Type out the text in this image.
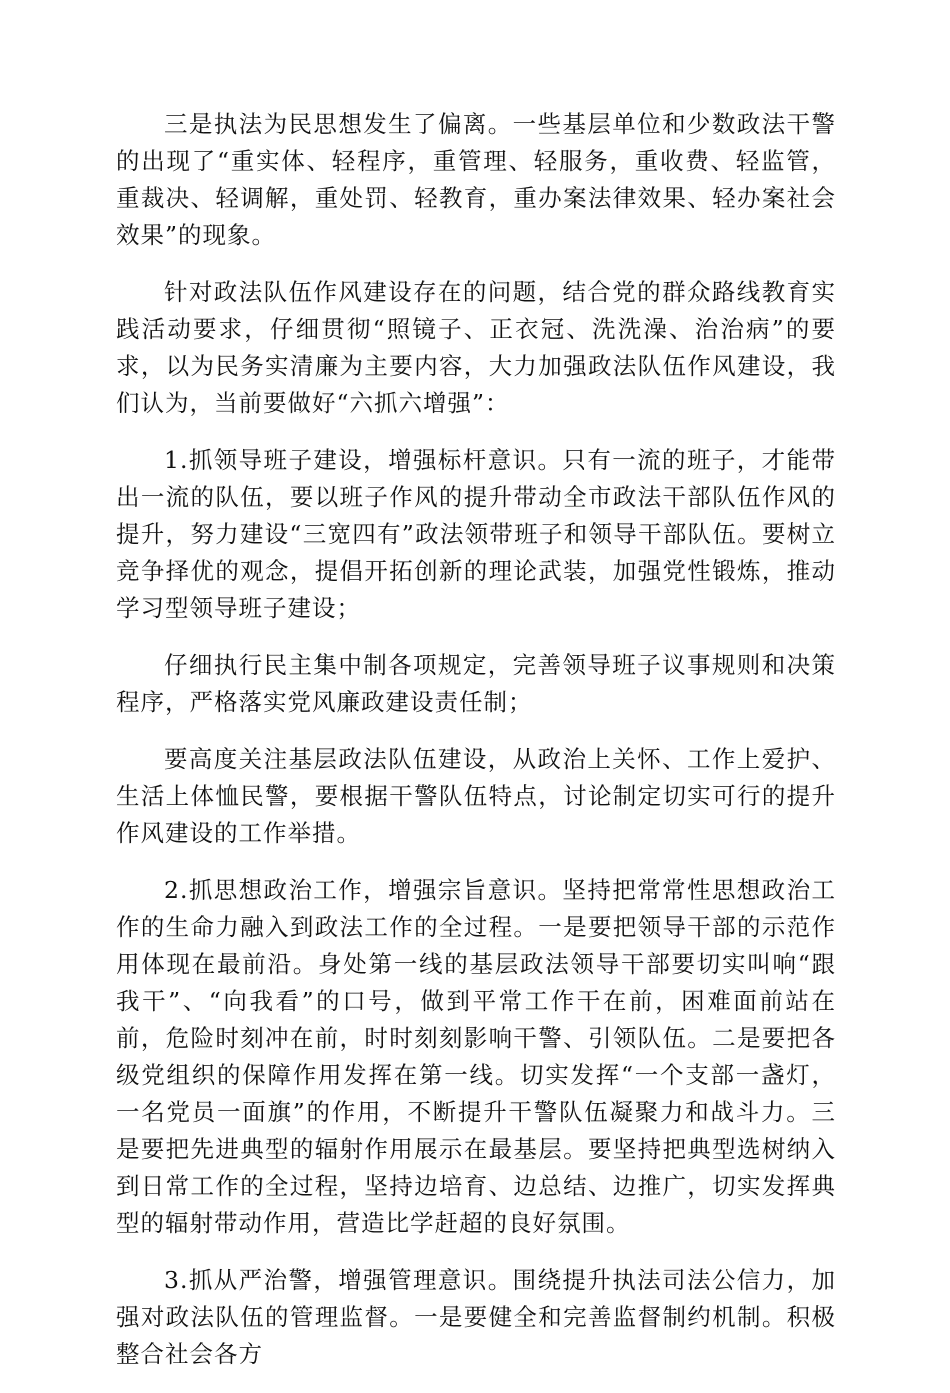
三是执法为民思想发生了偏离。一些基层单位和少数政法干警的出现了“重实体、轻程序，重管理、轻服务，重收费、轻监管，重裁决、轻调解，重处罚、轻教育，重办案法律效果、轻办案社会效果”的现象。

针对政法队伍作风建设存在的问题，结合党的群众路线教育实践活动要求，仔细贯彻“照镜子、正衣冠、洗洗澡、治治病”的要求，以为民务实清廉为主要内容，大力加强政法队伍作风建设，我们认为，当前要做好“六抓六增强”：

1.抓领导班子建设，增强标杆意识。只有一流的班子，才能带出一流的队伍，要以班子作风的提升带动全市政法干部队伍作风的提升，努力建设“三宽四有”政法领带班子和领导干部队伍。要树立竞争择优的观念，提倡开拓创新的理论武装，加强党性锻炼，推动学习型领导班子建设；

仔细执行民主集中制各项规定，完善领导班子议事规则和决策程序，严格落实党风廉政建设责任制；

要高度关注基层政法队伍建设，从政治上关怀、工作上爱护、生活上体恤民警，要根据干警队伍特点，讨论制定切实可行的提升作风建设的工作举措。

2.抓思想政治工作，增强宗旨意识。坚持把常常性思想政治工作的生命力融入到政法工作的全过程。一是要把领导干部的示范作用体现在最前沿。身处第一线的基层政法领导干部要切实叫响“跟我干”、“向我看”的口号，做到平常工作干在前，困难面前站在前，危险时刻冲在前，时时刻刻影响干警、引领队伍。二是要把各级党组织的保障作用发挥在第一线。切实发挥“一个支部一盏灯，一名党员一面旗”的作用，不断提升干警队伍凝聚力和战斗力。三是要把先进典型的辐射作用展示在最基层。要坚持把典型选树纳入到日常工作的全过程，坚持边培育、边总结、边推广，切实发挥典型的辐射带动作用，营造比学赶超的良好氛围。

3.抓从严治警，增强管理意识。围绕提升执法司法公信力，加强对政法队伍的管理监督。一是要健全和完善监督制约机制。积极整合社会各方
